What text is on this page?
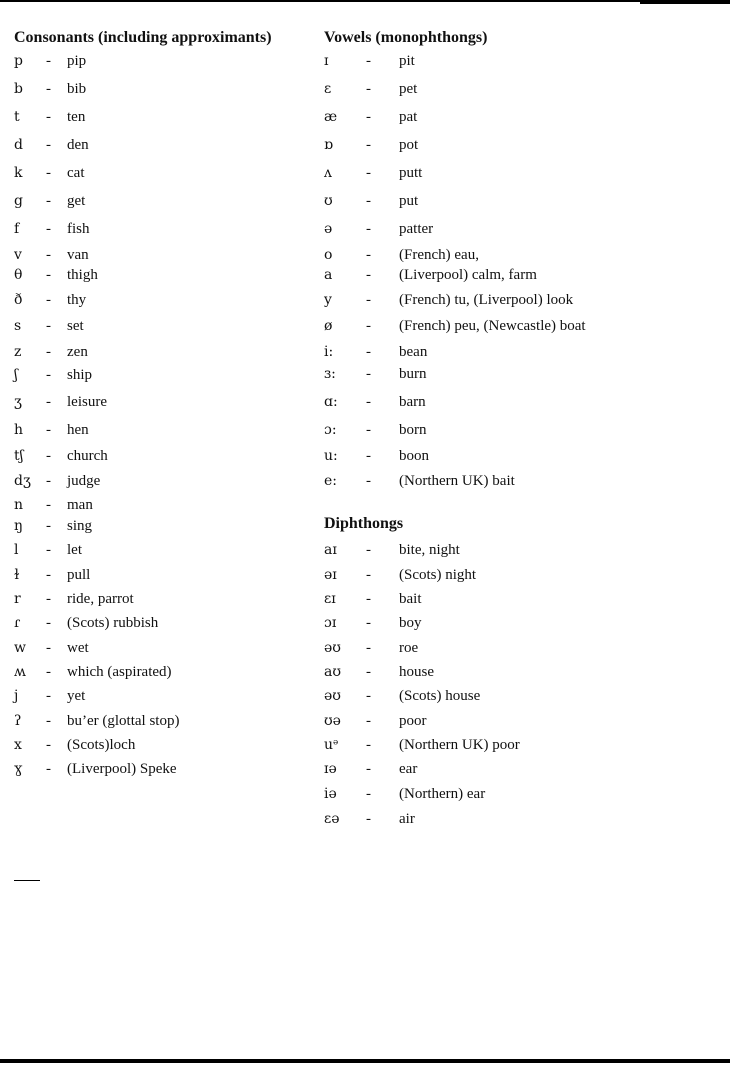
Consonants (including approximants)	Vowels (monophthongs)
Diphthongs
p - pip
b - bib
t - ten
d - den
k - cat
g - get
f - fish
v - van
θ - thigh
ð - thy
s - set
z - zen
ʃ - ship
ʒ - leisure
h - hen
tʃ - church
dʒ - judge
n - man
ŋ - sing
l - let
ɫ - pull
r - ride, parrot
ɾ - (Scots) rubbish
w - wet
ʍ - which (aspirated)
j - yet
ʔ - bu’er (glottal stop)
x - (Scots)loch
ɣ - (Liverpool) Speke
ɪ	- pit
ɛ - pet
æ - pat
ɒ - pot
ʌ - putt
ʊ - put
ə - patter
o - (French) eau,
a - (Liverpool) calm, farm
y - (French) tu, (Liverpool) look
ø - (French) peu, (Newcastle) boat
i: - bean
ɜ: - burn
ɑ: - barn
ɔ: - born
u: - boon
e: - (Northern UK) bait
aɪ - bite, night
əɪ - (Scots) night
ɛɪ - bait
ɔɪ - boy
əʊ - roe
aʊ - house
əʊ - (Scots) house
ʊə - poor
uᵊ - (Northern UK) poor
ɪə - ear
iə - (Northern) ear
ɛə - air
